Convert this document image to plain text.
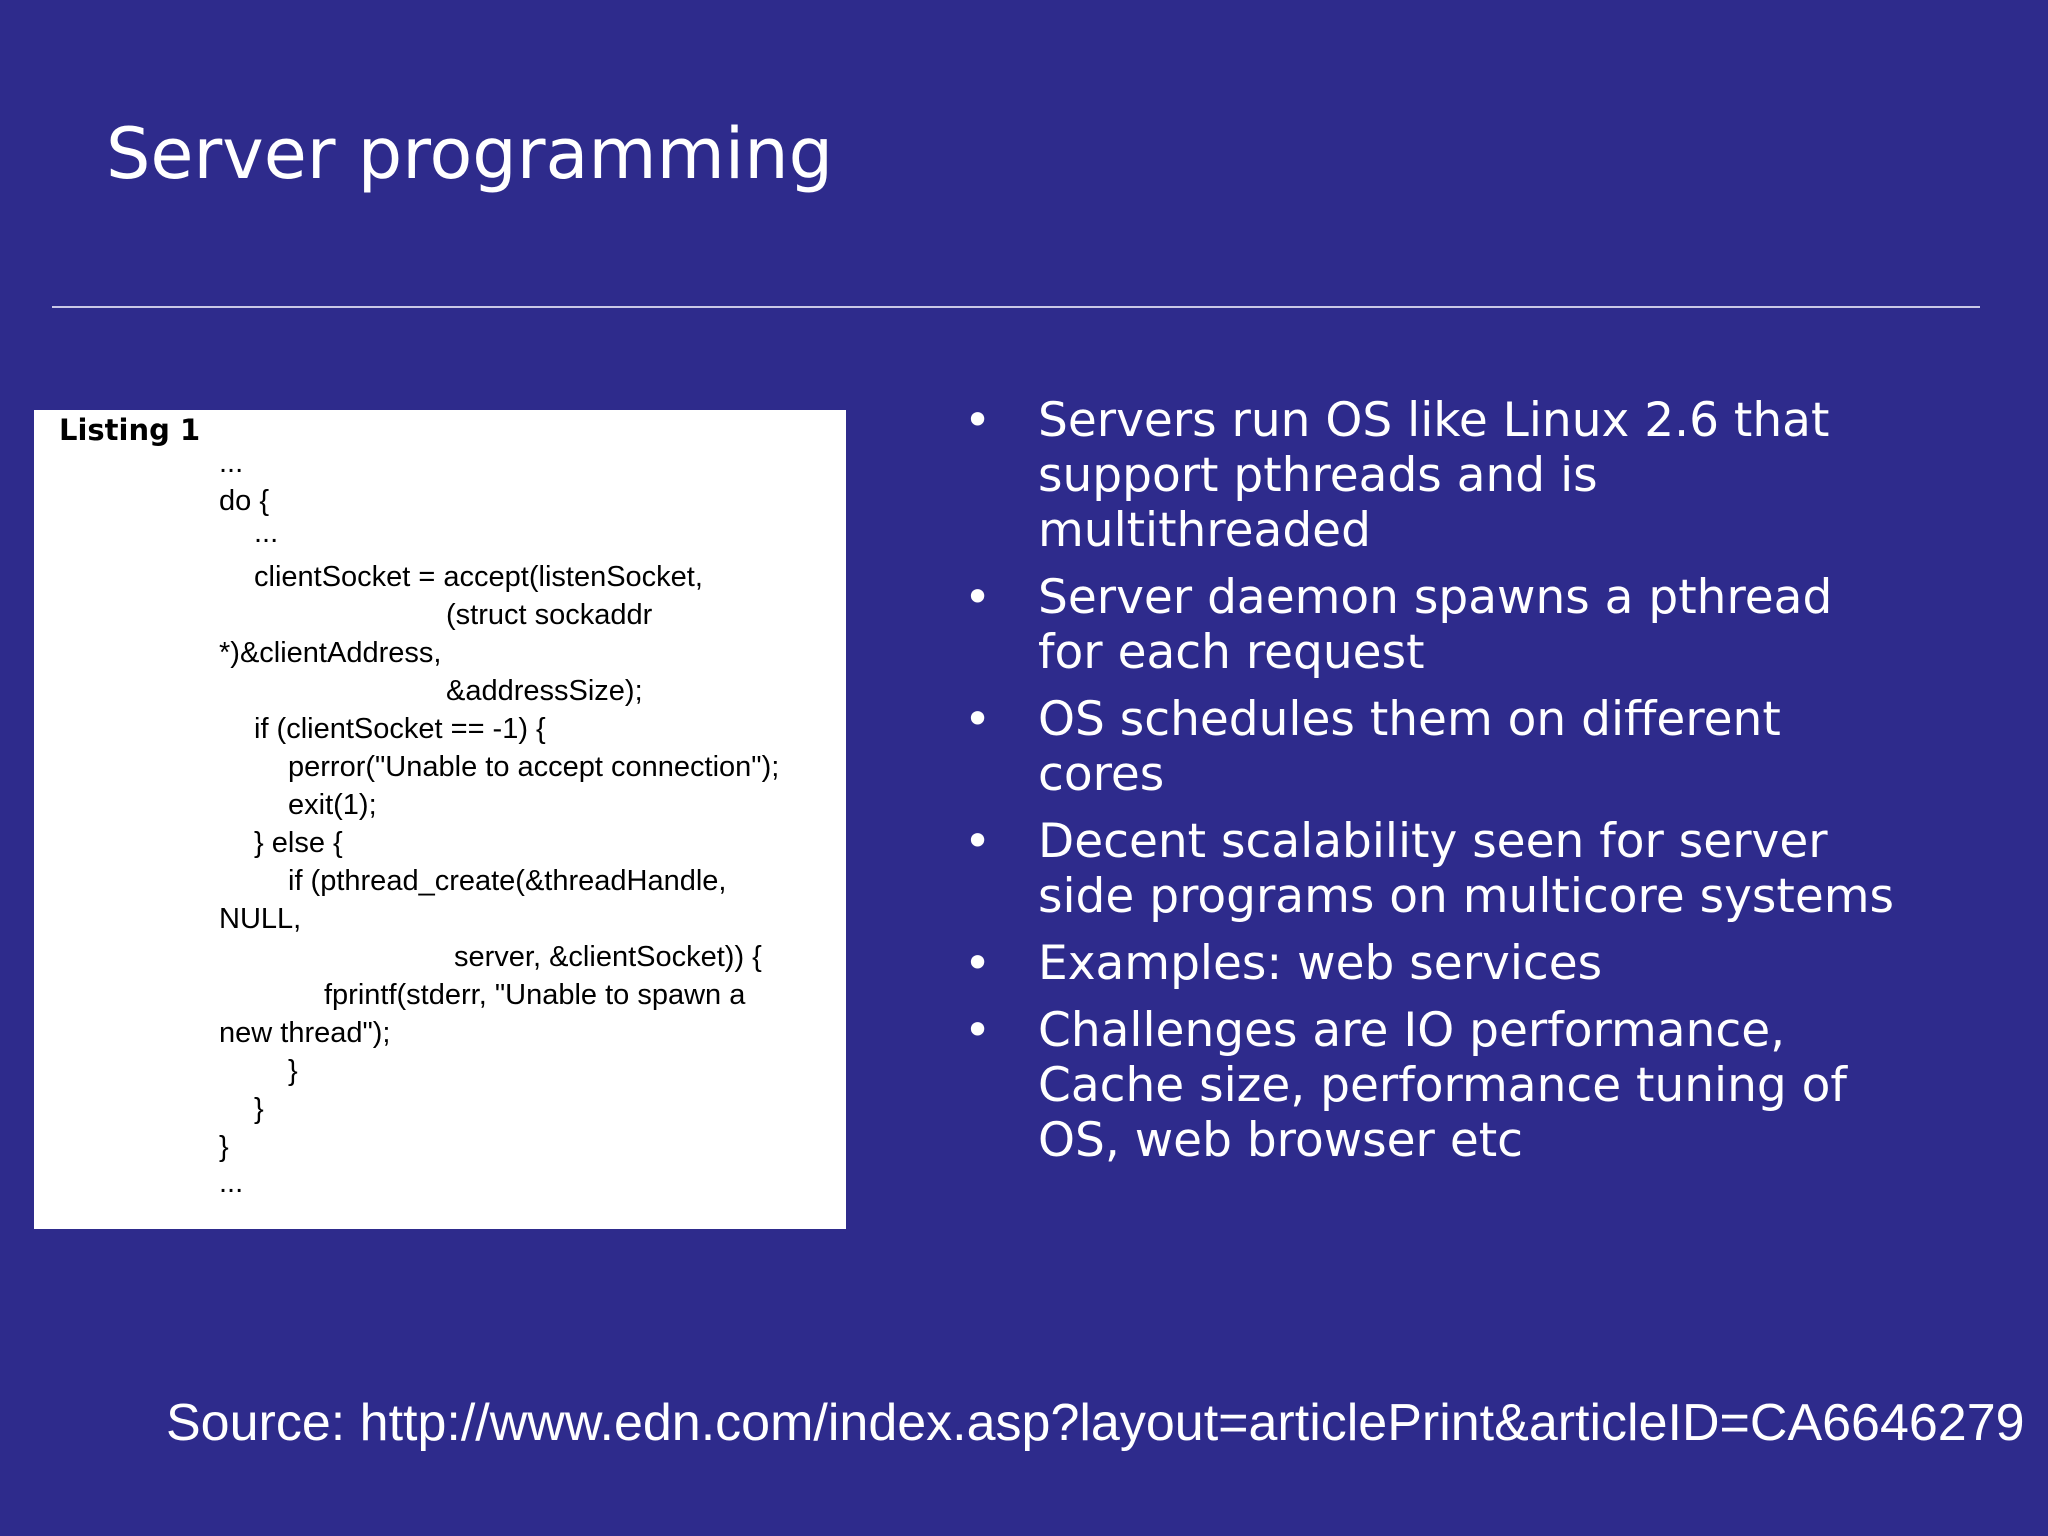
Server programming
Listing 1
...
do {
...
clientSocket = accept(listenSocket,
(struct sockaddr
*)&clientAddress,
&addressSize);
if (clientSocket == -1) {
perror("Unable to accept connection");
exit(1);
} else {
if (pthread_create(&threadHandle,
NULL,
server, &clientSocket)) {
fprintf(stderr, "Unable to spawn a
new thread");
}
}
}
...
• Servers run OS like Linux 2.6 that
support pthreads and is
multithreaded
• Server daemon spawns a pthread
for each request
• OS schedules them on different
cores
• Decent scalability seen for server
side programs on multicore systems
• Examples: web services
• Challenges are IO performance,
Cache size, performance tuning of
OS, web browser etc
Source: http://www.edn.com/index.asp?layout=articlePrint&articleID=CA6646279
